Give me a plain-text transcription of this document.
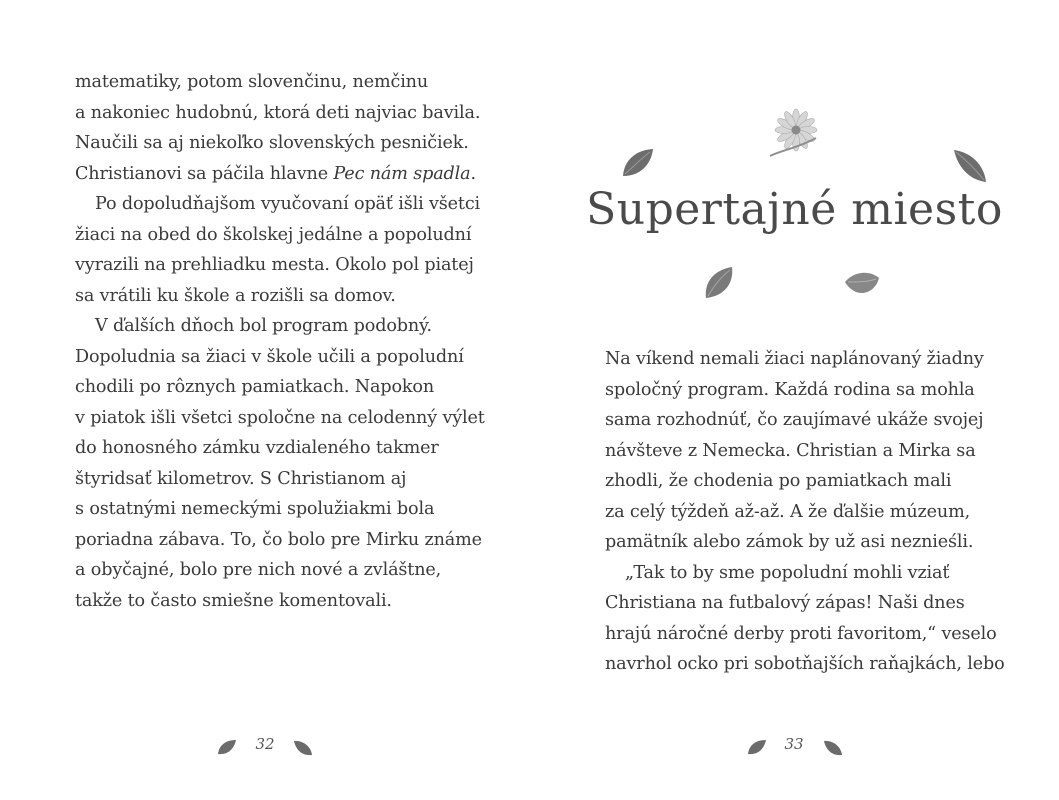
matematiky, potom slovenčinu, nemčinu

a nakoniec hudobnú, ktorá deti najviac bavila.

Naučili sa aj niekoľko slovenských pesničiek.

Christianovi sa páčila hlavne Pec nám spadla.

Po dopoludňajšom vyučovaní opäť išli všetci

žiaci na obed do školskej jedálne a popoludní

vyrazili na prehliadku mesta. Okolo pol piatej

sa vrátili ku škole a rozišli sa domov.

V ďalších dňoch bol program podobný.

Dopoludnia sa žiaci v škole učili a popoludní

chodili po rôznych pamiatkach. Napokon

v piatok išli všetci spoločne na celodenný výlet

do honosného zámku vzdialeného takmer

štyridsať kilometrov. S Christianom aj

s ostatnými nemeckými spolužiakmi bola

poriadna zábava. To, čo bolo pre Mirku známe

a obyčajné, bolo pre nich nové a zvláštne,

takže to často smiešne komentovali.

32
Supertajné miesto

Na víkend nemali žiaci naplánovaný žiadny

spoločný program. Každá rodina sa mohla

sama rozhodnúť, čo zaujímavé ukáže svojej

návšteve z Nemecka. Christian a Mirka sa

zhodli, že chodenia po pamiatkach mali

za celý týždeň až-až. A že ďalšie múzeum,

pamätník alebo zámok by už asi neznieśli.

„Tak to by sme popoludní mohli vziať

Christiana na futbalový zápas! Naši dnes

hrajú náročné derby proti favoritom,“ veselo

navrhol ocko pri sobotňajších raňajkách, lebo

33
